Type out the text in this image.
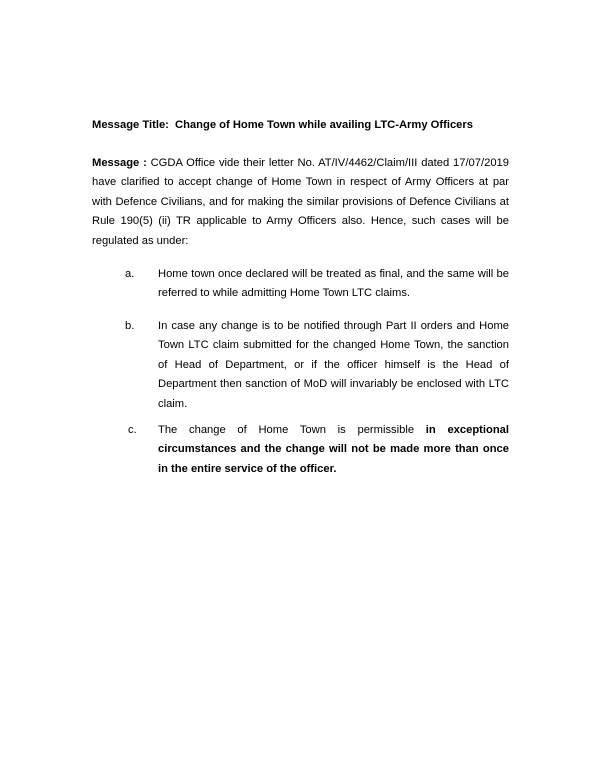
Message Title: Change of Home Town while availing LTC-Army Officers
Message : CGDA Office vide their letter No. AT/IV/4462/Claim/III dated 17/07/2019 have clarified to accept change of Home Town in respect of Army Officers at par with Defence Civilians, and for making the similar provisions of Defence Civilians at Rule 190(5) (ii) TR applicable to Army Officers also. Hence, such cases will be regulated as under:
a. Home town once declared will be treated as final, and the same will be referred to while admitting Home Town LTC claims.
b. In case any change is to be notified through Part II orders and Home Town LTC claim submitted for the changed Home Town, the sanction of Head of Department, or if the officer himself is the Head of Department then sanction of MoD will invariably be enclosed with LTC claim.
c. The change of Home Town is permissible in exceptional circumstances and the change will not be made more than once in the entire service of the officer.
